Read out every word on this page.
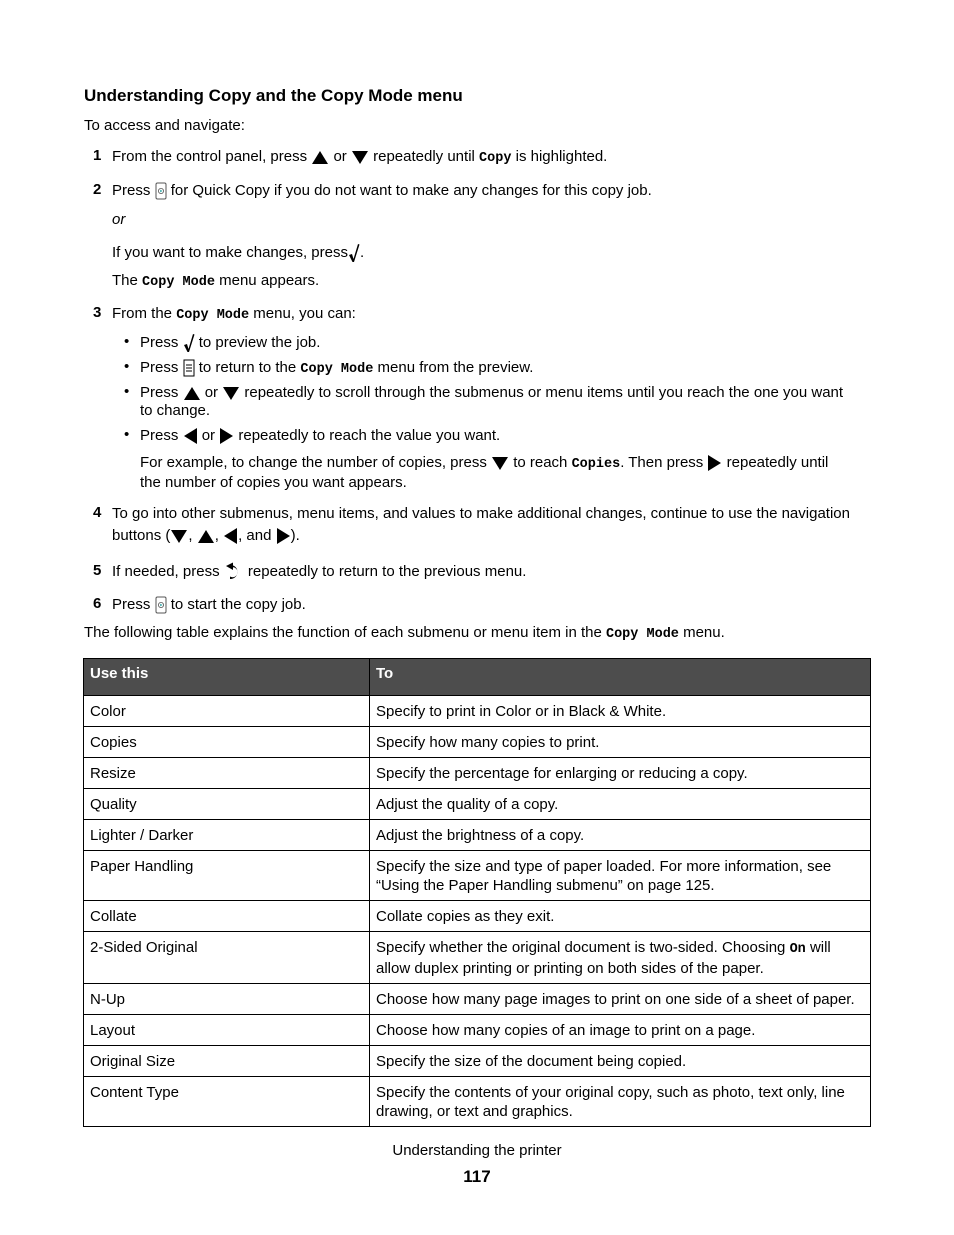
Understanding Copy and the Copy Mode menu
To access and navigate:
1 From the control panel, press or repeatedly until Copy is highlighted.
2 Press for Quick Copy if you do not want to make any changes for this copy job.
or
If you want to make changes, press .
The Copy Mode menu appears.
3 From the Copy Mode menu, you can:
• Press to preview the job.
• Press to return to the Copy Mode menu from the preview.
• Press or repeatedly to scroll through the submenus or menu items until you reach the one you want
to change.
• Press or repeatedly to reach the value you want.
For example, to change the number of copies, press to reach Copies. Then press repeatedly until
the number of copies you want appears.
4 To go into other submenus, menu items, and values to make additional changes, continue to use the navigation
buttons ( , , , and ).
5 If needed, press repeatedly to return to the previous menu.
6 Press to start the copy job.
The following table explains the function of each submenu or menu item in the Copy Mode menu.
Use this	To
Color	Specify to print in Color or in Black & White.
Copies	Specify how many copies to print.
Resize	Specify the percentage for enlarging or reducing a copy.
Quality	Adjust the quality of a copy.
Lighter / Darker	Adjust the brightness of a copy.
Paper Handling	Specify the size and type of paper loaded. For more information, see
“Using the Paper Handling submenu” on page 125.
Collate	Collate copies as they exit.
2-Sided Original	Specify whether the original document is two-sided. Choosing On will
allow duplex printing or printing on both sides of the paper.
N-Up	Choose how many page images to print on one side of a sheet of paper.
Layout	Choose how many copies of an image to print on a page.
Original Size	Specify the size of the document being copied.
Content Type	Specify the contents of your original copy, such as photo, text only, line
drawing, or text and graphics.
Understanding the printer
117
